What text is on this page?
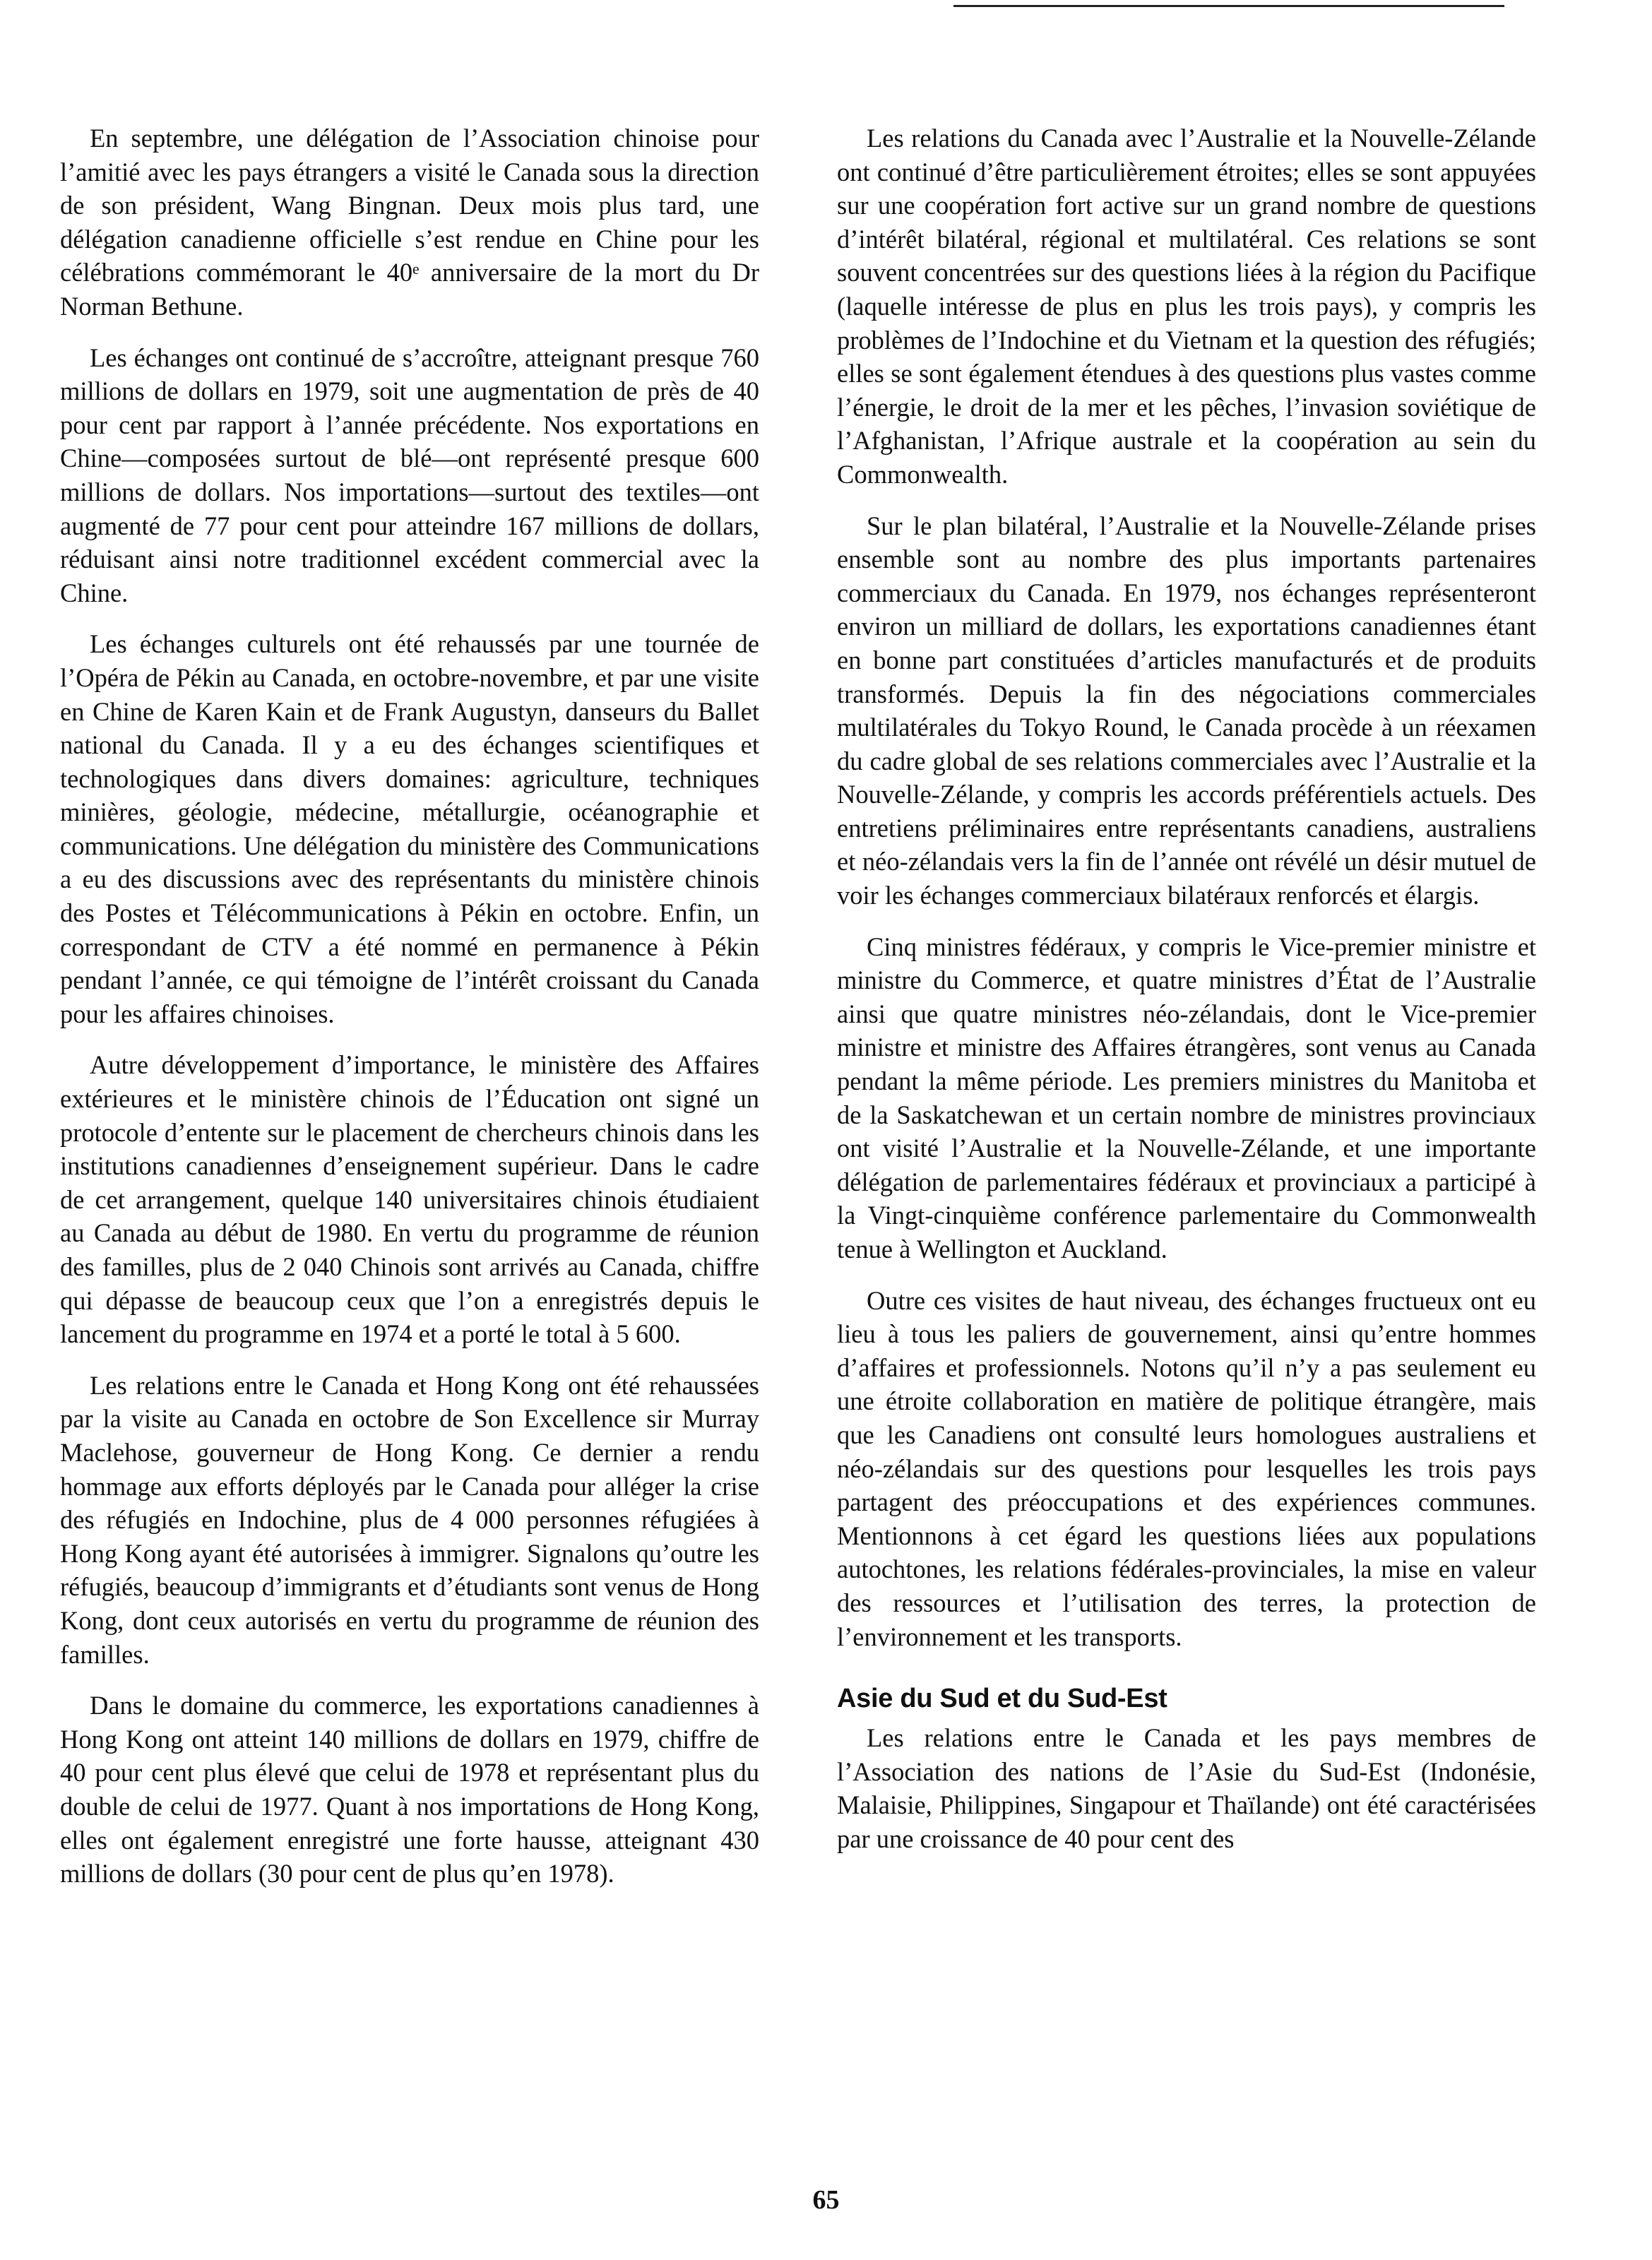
En septembre, une délégation de l’Association chinoise pour l’amitié avec les pays étrangers a visité le Canada sous la direction de son président, Wang Bingnan. Deux mois plus tard, une délégation canadienne officielle s’est rendue en Chine pour les célébrations commémorant le 40ᵉ anniversaire de la mort du Dr Norman Bethune.

Les échanges ont continué de s’accroître, atteignant presque 760 millions de dollars en 1979, soit une augmentation de près de 40 pour cent par rapport à l’année précédente. Nos exportations en Chine—composées surtout de blé—ont représenté presque 600 millions de dollars. Nos importations—surtout des textiles—ont augmenté de 77 pour cent pour atteindre 167 millions de dollars, réduisant ainsi notre traditionnel excédent commercial avec la Chine.

Les échanges culturels ont été rehaussés par une tournée de l’Opéra de Pékin au Canada, en octobre-novembre, et par une visite en Chine de Karen Kain et de Frank Augustyn, danseurs du Ballet national du Canada. Il y a eu des échanges scientifiques et technologiques dans divers domaines: agriculture, techniques minières, géologie, médecine, métallurgie, océanographie et communications. Une délégation du ministère des Communications a eu des discussions avec des représentants du ministère chinois des Postes et Télécommunications à Pékin en octobre. Enfin, un correspondant de CTV a été nommé en permanence à Pékin pendant l’année, ce qui témoigne de l’intérêt croissant du Canada pour les affaires chinoises.

Autre développement d’importance, le ministère des Affaires extérieures et le ministère chinois de l’Éducation ont signé un protocole d’entente sur le placement de chercheurs chinois dans les institutions canadiennes d’enseignement supérieur. Dans le cadre de cet arrangement, quelque 140 universitaires chinois étudiaient au Canada au début de 1980. En vertu du programme de réunion des familles, plus de 2 040 Chinois sont arrivés au Canada, chiffre qui dépasse de beaucoup ceux que l’on a enregistrés depuis le lancement du programme en 1974 et a porté le total à 5 600.

Les relations entre le Canada et Hong Kong ont été rehaussées par la visite au Canada en octobre de Son Excellence sir Murray Maclehose, gouverneur de Hong Kong. Ce dernier a rendu hommage aux efforts déployés par le Canada pour alléger la crise des réfugiés en Indochine, plus de 4 000 personnes réfugiées à Hong Kong ayant été autorisées à immigrer. Signalons qu’outre les réfugiés, beaucoup d’immigrants et d’étudiants sont venus de Hong Kong, dont ceux autorisés en vertu du programme de réunion des familles.

Dans le domaine du commerce, les exportations canadiennes à Hong Kong ont atteint 140 millions de dollars en 1979, chiffre de 40 pour cent plus élevé que celui de 1978 et représentant plus du double de celui de 1977. Quant à nos importations de Hong Kong, elles ont également enregistré une forte hausse, atteignant 430 millions de dollars (30 pour cent de plus qu’en 1978).

Les relations du Canada avec l’Australie et la Nouvelle-Zélande ont continué d’être particulièrement étroites; elles se sont appuyées sur une coopération fort active sur un grand nombre de questions d’intérêt bilatéral, régional et multilatéral. Ces relations se sont souvent concentrées sur des questions liées à la région du Pacifique (laquelle intéresse de plus en plus les trois pays), y compris les problèmes de l’Indochine et du Vietnam et la question des réfugiés; elles se sont également étendues à des questions plus vastes comme l’énergie, le droit de la mer et les pêches, l’invasion soviétique de l’Afghanistan, l’Afrique australe et la coopération au sein du Commonwealth.

Sur le plan bilatéral, l’Australie et la Nouvelle-Zélande prises ensemble sont au nombre des plus importants partenaires commerciaux du Canada. En 1979, nos échanges représenteront environ un milliard de dollars, les exportations canadiennes étant en bonne part constituées d’articles manufacturés et de produits transformés. Depuis la fin des négociations commerciales multilatérales du Tokyo Round, le Canada procède à un réexamen du cadre global de ses relations commerciales avec l’Australie et la Nouvelle-Zélande, y compris les accords préférentiels actuels. Des entretiens préliminaires entre représentants canadiens, australiens et néo-zélandais vers la fin de l’année ont révélé un désir mutuel de voir les échanges commerciaux bilatéraux renforcés et élargis.

Cinq ministres fédéraux, y compris le Vice-premier ministre et ministre du Commerce, et quatre ministres d’État de l’Australie ainsi que quatre ministres néo-zélandais, dont le Vice-premier ministre et ministre des Affaires étrangères, sont venus au Canada pendant la même période. Les premiers ministres du Manitoba et de la Saskatchewan et un certain nombre de ministres provinciaux ont visité l’Australie et la Nouvelle-Zélande, et une importante délégation de parlementaires fédéraux et provinciaux a participé à la Vingt-cinquième conférence parlementaire du Commonwealth tenue à Wellington et Auckland.

Outre ces visites de haut niveau, des échanges fructueux ont eu lieu à tous les paliers de gouvernement, ainsi qu’entre hommes d’affaires et professionnels. Notons qu’il n’y a pas seulement eu une étroite collaboration en matière de politique étrangère, mais que les Canadiens ont consulté leurs homologues australiens et néo-zélandais sur des questions pour lesquelles les trois pays partagent des préoccupations et des expériences communes. Mentionnons à cet égard les questions liées aux populations autochtones, les relations fédérales-provinciales, la mise en valeur des ressources et l’utilisation des terres, la protection de l’environnement et les transports.

Asie du Sud et du Sud-Est

Les relations entre le Canada et les pays membres de l’Association des nations de l’Asie du Sud-Est (Indonésie, Malaisie, Philippines, Singapour et Thaïlande) ont été caractérisées par une croissance de 40 pour cent des

65
